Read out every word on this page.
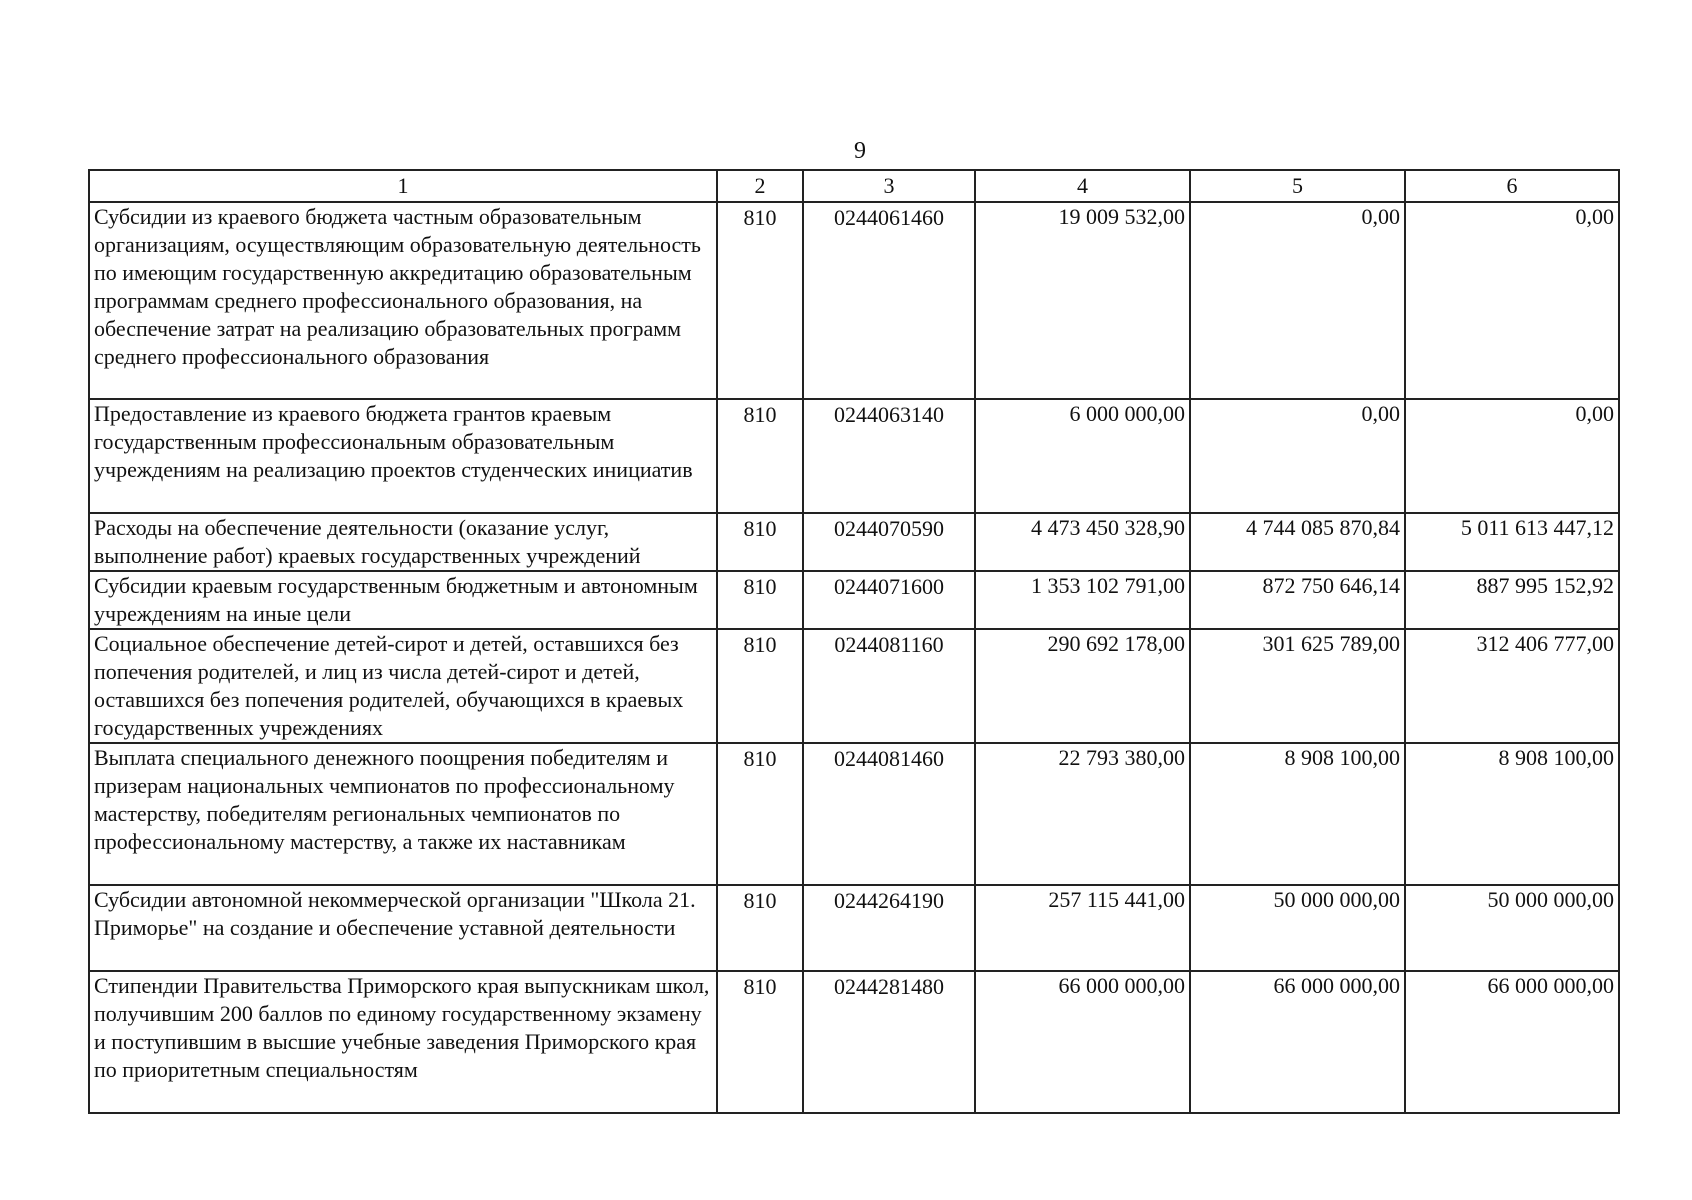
9
1	2	3	4	5	6
Субсидии из краевого бюджета частным образовательным организациям, осуществляющим образовательную деятельность по имеющим государственную аккредитацию образовательным программам среднего профессионального образования, на обеспечение затрат на реализацию образовательных программ среднего профессионального образования	810	0244061460	19 009 532,00	0,00	0,00
Предоставление из краевого бюджета грантов краевым государственным профессиональным образовательным учреждениям на реализацию проектов студенческих инициатив	810	0244063140	6 000 000,00	0,00	0,00
Расходы на обеспечение деятельности (оказание услуг, выполнение работ) краевых государственных учреждений	810	0244070590	4 473 450 328,90	4 744 085 870,84	5 011 613 447,12
Субсидии краевым государственным бюджетным и автономным учреждениям на иные цели	810	0244071600	1 353 102 791,00	872 750 646,14	887 995 152,92
Социальное обеспечение детей-сирот и детей, оставшихся без попечения родителей, и лиц из числа детей-сирот и детей, оставшихся без попечения родителей, обучающихся в краевых государственных учреждениях	810	0244081160	290 692 178,00	301 625 789,00	312 406 777,00
Выплата специального денежного поощрения победителям и призерам национальных чемпионатов по профессиональному мастерству, победителям региональных чемпионатов по профессиональному мастерству, а также их наставникам	810	0244081460	22 793 380,00	8 908 100,00	8 908 100,00
Субсидии автономной некоммерческой организации "Школа 21. Приморье" на создание и обеспечение уставной деятельности	810	0244264190	257 115 441,00	50 000 000,00	50 000 000,00
Стипендии Правительства Приморского края выпускникам школ, получившим 200 баллов по единому государственному экзамену и поступившим в высшие учебные заведения Приморского края по приоритетным специальностям	810	0244281480	66 000 000,00	66 000 000,00	66 000 000,00
